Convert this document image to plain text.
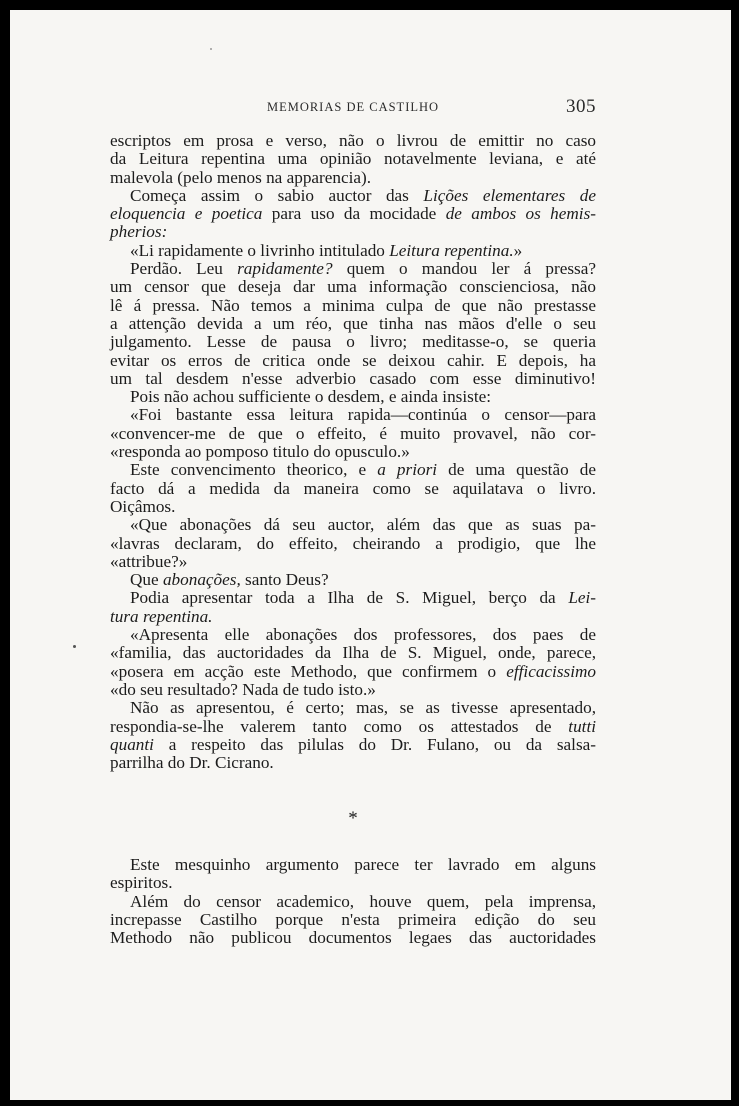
MEMORIAS DE CASTILHO	305
escriptos em prosa e verso, não o livrou de emittir no caso
da Leitura repentina uma opinião notavelmente leviana, e até
malevola (pelo menos na apparencia).
Começa assim o sabio auctor das Lições elementares de
eloquencia e poetica para uso da mocidade de ambos os hemis-
pherios:
«Li rapidamente o livrinho intitulado Leitura repentina.»
Perdão. Leu rapidamente? quem o mandou ler á pressa?
um censor que deseja dar uma informação conscienciosa, não
lê á pressa. Não temos a minima culpa de que não prestasse
a attenção devida a um réo, que tinha nas mãos d'elle o seu
julgamento. Lesse de pausa o livro; meditasse-o, se queria
evitar os erros de critica onde se deixou cahir. E depois, ha
um tal desdem n'esse adverbio casado com esse diminutivo!
Pois não achou sufficiente o desdem, e ainda insiste:
«Foi bastante essa leitura rapida—continúa o censor—para
«convencer-me de que o effeito, é muito provavel, não cor-
«responda ao pomposo titulo do opusculo.»
Este convencimento theorico, e a priori de uma questão de
facto dá a medida da maneira como se aquilatava o livro.
Oiçâmos.
«Que abonações dá seu auctor, além das que as suas pa-
«lavras declaram, do effeito, cheirando a prodigio, que lhe
«attribue?»
Que abonações, santo Deus?
Podia apresentar toda a Ilha de S. Miguel, berço da Lei-
tura repentina.
«Apresenta elle abonações dos professores, dos paes de
«familia, das auctoridades da Ilha de S. Miguel, onde, parece,
«posera em acção este Methodo, que confirmem o efficacissimo
«do seu resultado? Nada de tudo isto.»
Não as apresentou, é certo; mas, se as tivesse apresentado,
respondia-se-lhe valerem tanto como os attestados de tutti
quanti a respeito das pilulas do Dr. Fulano, ou da salsa-
parrilha do Dr. Cicrano.
*
Este mesquinho argumento parece ter lavrado em alguns
espiritos.
Além do censor academico, houve quem, pela imprensa,
increpasse Castilho porque n'esta primeira edição do seu
Methodo não publicou documentos legaes das auctoridades
